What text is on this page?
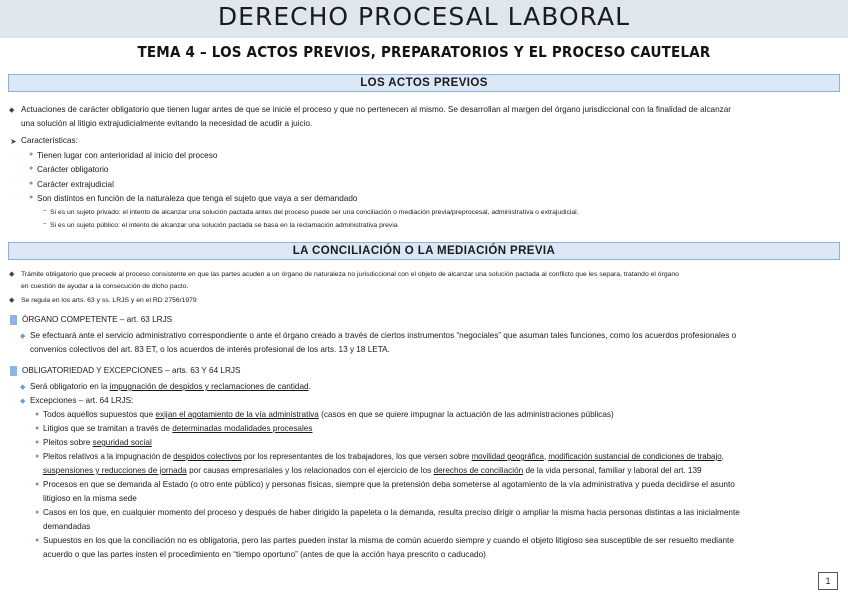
DERECHO PROCESAL LABORAL
TEMA 4 – LOS ACTOS PREVIOS, PREPARATORIOS Y EL PROCESO CAUTELAR
LOS ACTOS PREVIOS
◆ Actuaciones de carácter obligatorio que tienen lugar antes de que se inicie el proceso y que no pertenecen al mismo. Se desarrollan al margen del órgano jurisdiccional con la finalidad de alcanzar
una solución al litigio extrajudicialmente evitando la necesidad de acudir a juicio.
➤ Características:
● Tienen lugar con anterioridad al inicio del proceso
● Carácter obligatorio
● Carácter extrajudicial
● Son distintos en función de la naturaleza que tenga el sujeto que vaya a ser demandado
– Si es un sujeto privado: el intento de alcanzar una solución pactada antes del proceso puede ser una conciliación o mediación previa/preprocesal, administrativa o extrajudicial.
– Si es un sujeto público: el intento de alcanzar una solución pactada se basa en la reclamación administrativa previa
LA CONCILIACIÓN O LA MEDIACIÓN PREVIA
◆ Trámite obligatorio que precede al proceso consistente en que las partes acuden a un órgano de naturaleza no jurisdiccional con el objeto de alcanzar una solución pactada al conflicto que les separa, tratando el órgano
en cuestión de ayudar a la consecución de dicho pacto.
◆ Se regula en los arts. 63 y ss. LRJS y en el RD 2756/1979
ÓRGANO COMPETENTE – art. 63 LRJS
◆ Se efectuará ante el servicio administrativo correspondiente o ante el órgano creado a través de ciertos instrumentos “negociales” que asuman tales funciones, como los acuerdos profesionales o
convenios colectivos del art. 83 ET, o los acuerdos de interés profesional de los arts. 13 y 18 LETA.
OBLIGATORIEDAD Y EXCEPCIONES – arts. 63 Y 64 LRJS
◆ Será obligatorio en la impugnación de despidos y reclamaciones de cantidad.
◆ Excepciones – art. 64 LRJS:
● Todos aquellos supuestos que exijan el agotamiento de la vía administrativa (casos en que se quiere impugnar la actuación de las administraciones públicas)
● Litigios que se tramitan a través de determinadas modalidades procesales
● Pleitos sobre seguridad social
● Pleitos relativos a la impugnación de despidos colectivos por los representantes de los trabajadores, los que versen sobre movilidad geográfica, modificación sustancial de condiciones de trabajo,
suspensiones y reducciones de jornada por causas empresariales y los relacionados con el ejercicio de los derechos de conciliación de la vida personal, familiar y laboral del art. 139
● Procesos en que se demanda al Estado (o otro ente público) y personas físicas, siempre que la pretensión deba someterse al agotamiento de la vía administrativa y pueda decidirse el asunto
litigioso en la misma sede
● Casos en los que, en cualquier momento del proceso y después de haber dirigido la papeleta o la demanda, resulta preciso dirigir o ampliar la misma hacia personas distintas a las inicialmente
demandadas
● Supuestos en los que la conciliación no es obligatoria, pero las partes pueden instar la misma de común acuerdo siempre y cuando el objeto litigioso sea susceptible de ser resuelto mediante
acuerdo o que las partes insten el procedimiento en “tiempo oportuno” (antes de que la acción haya prescrito o caducado)
1
